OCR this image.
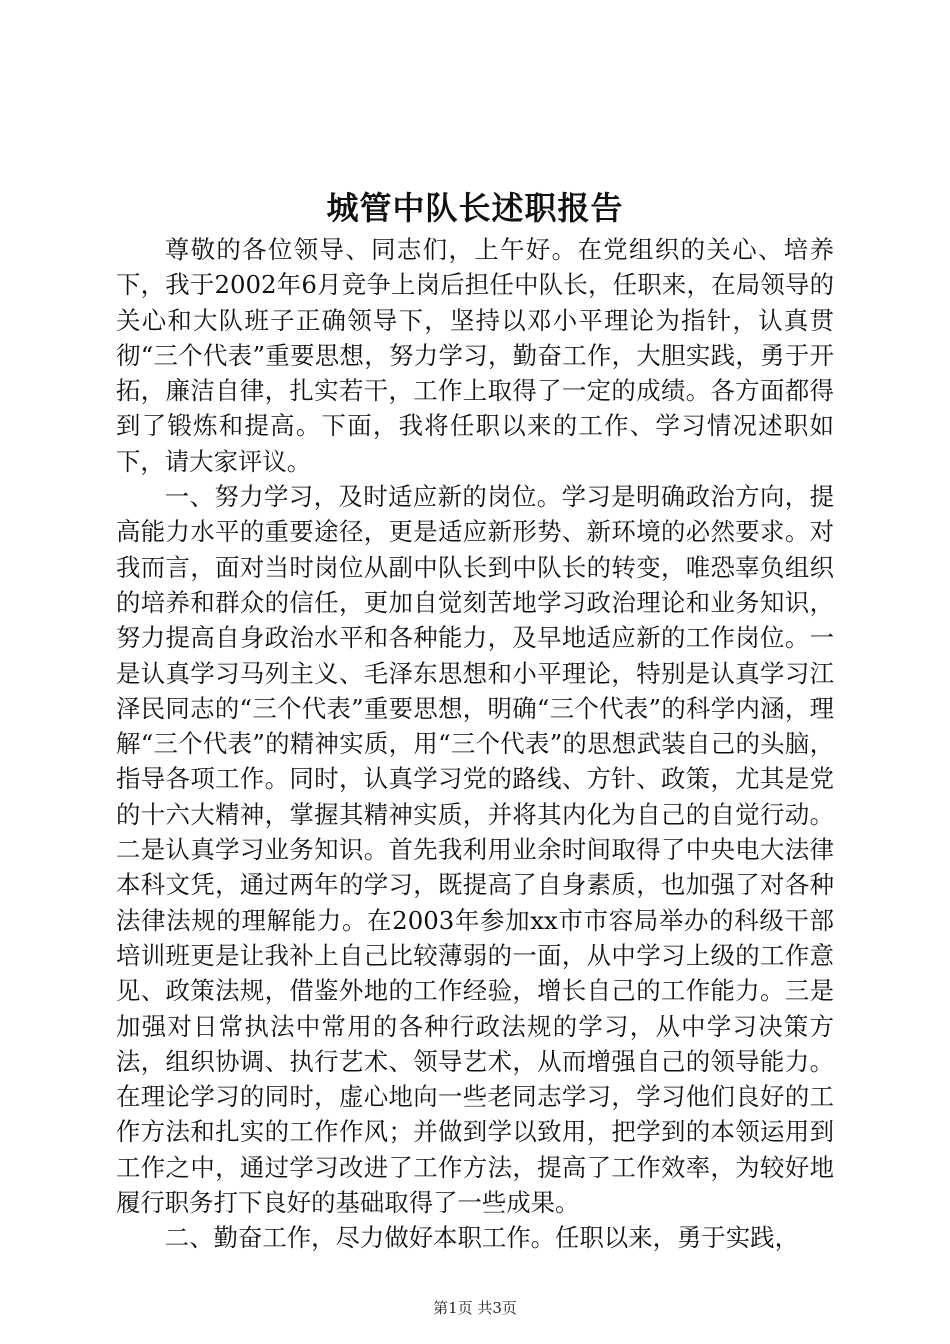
城管中队长述职报告

尊敬的各位领导、同志们，上午好。在党组织的关心、培养下，我于2002年6月竞争上岗后担任中队长，任职来，在局领导的关心和大队班子正确领导下，坚持以邓小平理论为指针，认真贯彻“三个代表”重要思想，努力学习，勤奋工作，大胆实践，勇于开拓，廉洁自律，扎实若干，工作上取得了一定的成绩。各方面都得到了锻炼和提高。下面，我将任职以来的工作、学习情况述职如下，请大家评议。

一、努力学习，及时适应新的岗位。学习是明确政治方向，提高能力水平的重要途径，更是适应新形势、新环境的必然要求。对我而言，面对当时岗位从副中队长到中队长的转变，唯恐辜负组织的培养和群众的信任，更加自觉刻苦地学习政治理论和业务知识，努力提高自身政治水平和各种能力，及早地适应新的工作岗位。一是认真学习马列主义、毛泽东思想和小平理论，特别是认真学习江泽民同志的“三个代表”重要思想，明确“三个代表”的科学内涵，理解“三个代表”的精神实质，用“三个代表”的思想武装自己的头脑，指导各项工作。同时，认真学习党的路线、方针、政策，尤其是党的十六大精神，掌握其精神实质，并将其内化为自己的自觉行动。二是认真学习业务知识。首先我利用业余时间取得了中央电大法律本科文凭，通过两年的学习，既提高了自身素质，也加强了对各种法律法规的理解能力。在2003年参加xx市市容局举办的科级干部培训班更是让我补上自己比较薄弱的一面，从中学习上级的工作意见、政策法规，借鉴外地的工作经验，增长自己的工作能力。三是加强对日常执法中常用的各种行政法规的学习，从中学习决策方法，组织协调、执行艺术、领导艺术，从而增强自己的领导能力。在理论学习的同时，虚心地向一些老同志学习，学习他们良好的工作方法和扎实的工作作风；并做到学以致用，把学到的本领运用到工作之中，通过学习改进了工作方法，提高了工作效率，为较好地履行职务打下良好的基础取得了一些成果。

二、勤奋工作，尽力做好本职工作。任职以来，勇于实践，

第1页 共3页
